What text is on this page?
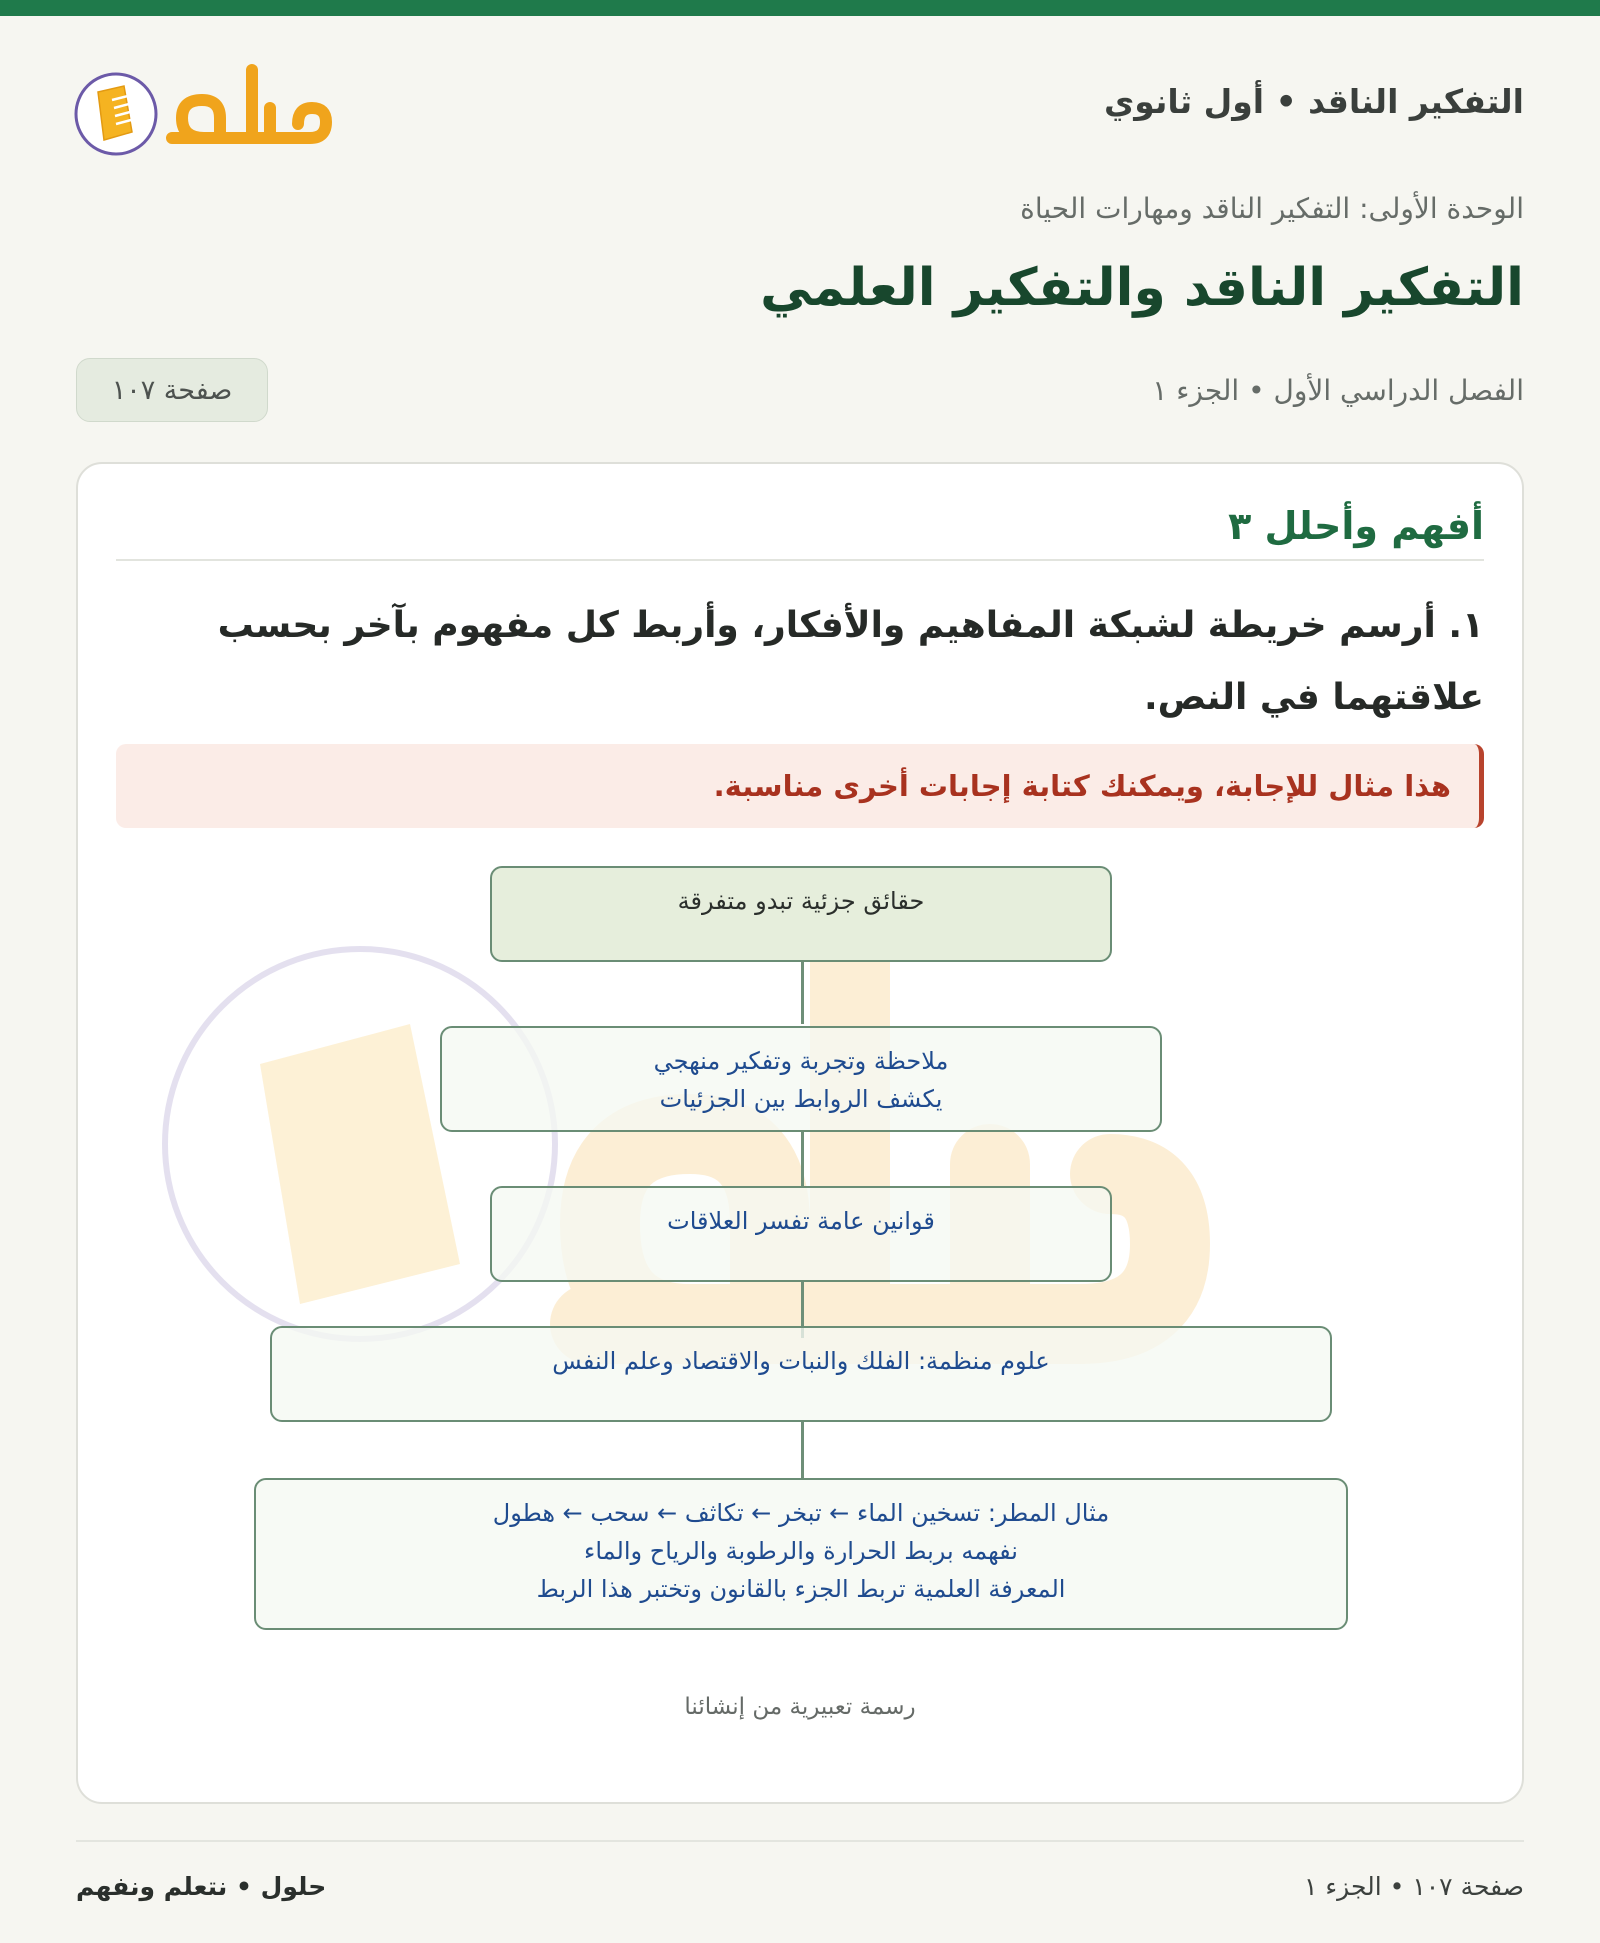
التفكير الناقد • أول ثانوي
الوحدة الأولى: التفكير الناقد ومهارات الحياة
التفكير الناقد والتفكير العلمي
الفصل الدراسي الأول • الجزء ١
صفحة ١٠٧
أفهم وأحلل ٣
١. أرسم خريطة لشبكة المفاهيم والأفكار، وأربط كل مفهوم بآخر بحسب علاقتهما في النص.
هذا مثال للإجابة، ويمكنك كتابة إجابات أخرى مناسبة.
حقائق جزئية تبدو متفرقة
ملاحظة وتجربة وتفكير منهجي
يكشف الروابط بين الجزئيات
قوانين عامة تفسر العلاقات
علوم منظمة: الفلك والنبات والاقتصاد وعلم النفس
مثال المطر: تسخين الماء ← تبخر ← تكاثف ← سحب ← هطول
نفهمه بربط الحرارة والرطوبة والرياح والماء
المعرفة العلمية تربط الجزء بالقانون وتختبر هذا الربط
رسمة تعبيرية من إنشائنا
صفحة ١٠٧ • الجزء ١
حلول • نتعلم ونفهم
